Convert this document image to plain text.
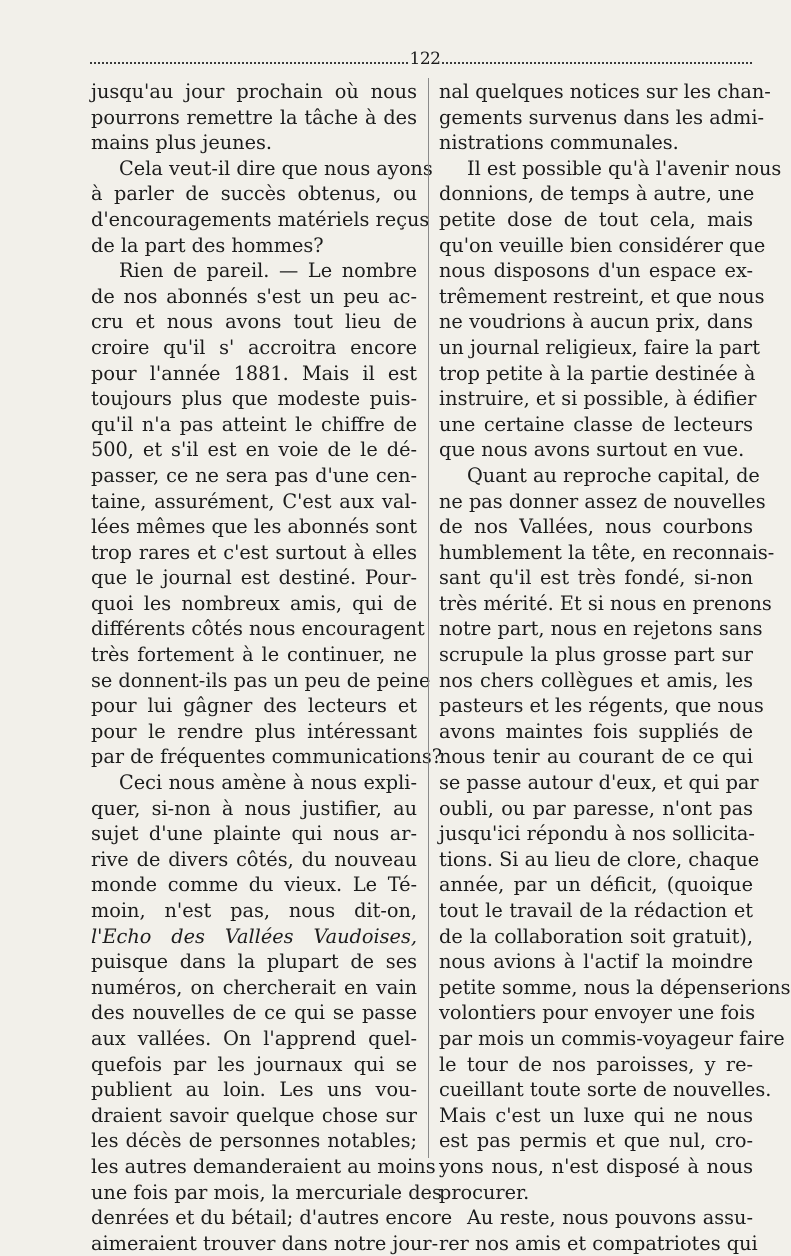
122
jusqu'au jour prochain où nous
pourrons remettre la tâche à des
mains plus jeunes.
Cela veut-il dire que nous ayons
à parler de succès obtenus, ou
d'encouragements matériels reçus
de la part des hommes?
Rien de pareil. — Le nombre
de nos abonnés s'est un peu ac-
cru et nous avons tout lieu de
croire qu'il s' accroitra encore
pour l'année 1881. Mais il est
toujours plus que modeste puis-
qu'il n'a pas atteint le chiffre de
500, et s'il est en voie de le dé-
passer, ce ne sera pas d'une cen-
taine, assurément, C'est aux val-
lées mêmes que les abonnés sont
trop rares et c'est surtout à elles
que le journal est destiné. Pour-
quoi les nombreux amis, qui de
différents côtés nous encouragent
très fortement à le continuer, ne
se donnent-ils pas un peu de peine
pour lui gâgner des lecteurs et
pour le rendre plus intéressant
par de fréquentes communications?
Ceci nous amène à nous expli-
quer, si-non à nous justifier, au
sujet d'une plainte qui nous ar-
rive de divers côtés, du nouveau
monde comme du vieux. Le Té-
moin, n'est pas, nous dit-on,
l'Echo des Vallées Vaudoises,
puisque dans la plupart de ses
numéros, on chercherait en vain
des nouvelles de ce qui se passe
aux vallées. On l'apprend quel-
quefois par les journaux qui se
publient au loin. Les uns vou-
draient savoir quelque chose sur
les décès de personnes notables;
les autres demanderaient au moins
une fois par mois, la mercuriale des
denrées et du bétail; d'autres encore
aimeraient trouver dans notre jour-
nal quelques notices sur les chan-
gements survenus dans les admi-
nistrations communales.
Il est possible qu'à l'avenir nous
donnions, de temps à autre, une
petite dose de tout cela, mais
qu'on veuille bien considérer que
nous disposons d'un espace ex-
trêmement restreint, et que nous
ne voudrions à aucun prix, dans
un journal religieux, faire la part
trop petite à la partie destinée à
instruire, et si possible, à édifier
une certaine classe de lecteurs
que nous avons surtout en vue.
Quant au reproche capital, de
ne pas donner assez de nouvelles
de nos Vallées, nous courbons
humblement la tête, en reconnais-
sant qu'il est très fondé, si-non
très mérité. Et si nous en prenons
notre part, nous en rejetons sans
scrupule la plus grosse part sur
nos chers collègues et amis, les
pasteurs et les régents, que nous
avons maintes fois suppliés de
nous tenir au courant de ce qui
se passe autour d'eux, et qui par
oubli, ou par paresse, n'ont pas
jusqu'ici répondu à nos sollicita-
tions. Si au lieu de clore, chaque
année, par un déficit, (quoique
tout le travail de la rédaction et
de la collaboration soit gratuit),
nous avions à l'actif la moindre
petite somme, nous la dépenserions
volontiers pour envoyer une fois
par mois un commis-voyageur faire
le tour de nos paroisses, y re-
cueillant toute sorte de nouvelles.
Mais c'est un luxe qui ne nous
est pas permis et que nul, cro-
yons nous, n'est disposé à nous
procurer.
Au reste, nous pouvons assu-
rer nos amis et compatriotes qui
